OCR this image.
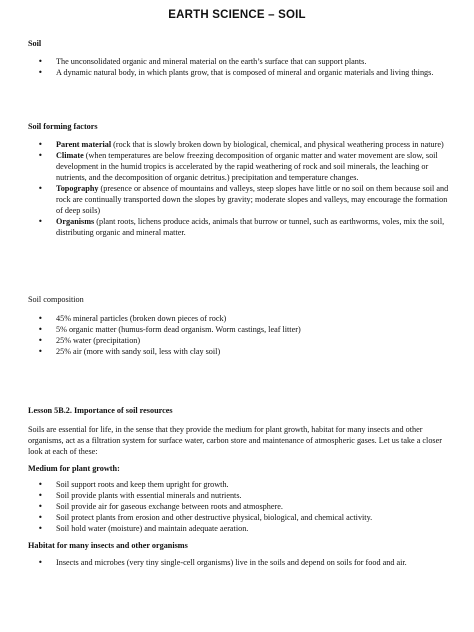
EARTH SCIENCE – SOIL

Soil

• The unconsolidated organic and mineral material on the earth’s surface that can support plants.
• A dynamic natural body, in which plants grow, that is composed of mineral and organic materials and living things.

Soil forming factors

• Parent material (rock that is slowly broken down by biological, chemical, and physical weathering process in nature)
• Climate (when temperatures are below freezing decomposition of organic matter and water movement are slow, soil development in the humid tropics is accelerated by the rapid weathering of rock and soil minerals, the leaching or nutrients, and the decomposition of organic detritus.) precipitation and temperature changes.
• Topography (presence or absence of mountains and valleys, steep slopes have little or no soil on them because soil and rock are continually transported down the slopes by gravity; moderate slopes and valleys, may encourage the formation of deep soils)
• Organisms (plant roots, lichens produce acids, animals that burrow or tunnel, such as earthworms, voles, mix the soil, distributing organic and mineral matter.

Soil composition

• 45% mineral particles (broken down pieces of rock)
• 5% organic matter (humus-form dead organism. Worm castings, leaf litter)
• 25% water (precipitation)
• 25% air (more with sandy soil, less with clay soil)

Lesson 5B.2. Importance of soil resources

Soils are essential for life, in the sense that they provide the medium for plant growth, habitat for many insects and other organisms, act as a filtration system for surface water, carbon store and maintenance of atmospheric gases. Let us take a closer look at each of these:

Medium for plant growth:

• Soil support roots and keep them upright for growth.
• Soil provide plants with essential minerals and nutrients.
• Soil provide air for gaseous exchange between roots and atmosphere.
• Soil protect plants from erosion and other destructive physical, biological, and chemical activity.
• Soil hold water (moisture) and maintain adequate aeration.

Habitat for many insects and other organisms

• Insects and microbes (very tiny single-cell organisms) live in the soils and depend on soils for food and air.
